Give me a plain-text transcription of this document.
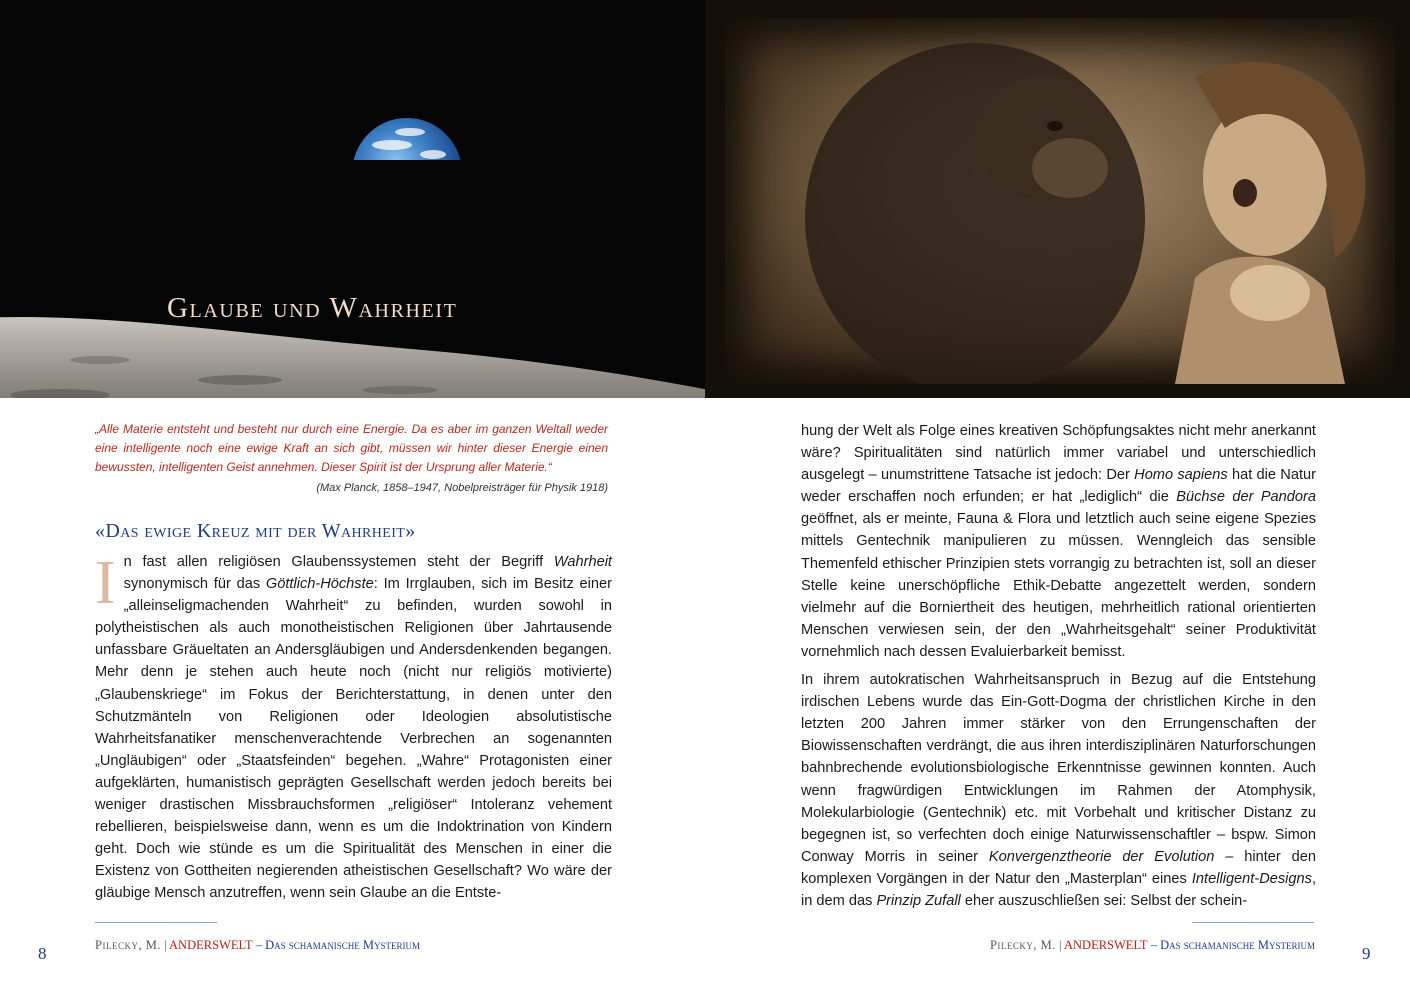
Glaube und Wahrheit

„Alle Materie entsteht und besteht nur durch eine Energie. Da es aber im ganzen Weltall weder eine intelligente noch eine ewige Kraft an sich gibt, müssen wir hinter dieser Energie einen bewussten, intelligenten Geist annehmen. Dieser Spirit ist der Ursprung aller Materie.“

(Max Planck, 1858–1947, Nobelpreisträger für Physik 1918)

«Das ewige Kreuz mit der Wahrheit»

In fast allen religiösen Glaubenssystemen steht der Begriff Wahrheit synonymisch für das Göttlich-Höchste: Im Irrglauben, sich im Besitz einer „alleinseligmachenden Wahrheit“ zu befinden, wurden sowohl in polytheistischen als auch monotheistischen Religionen über Jahrtausende unfassbare Gräueltaten an Andersgläubigen und Andersdenkenden begangen. Mehr denn je stehen auch heute noch (nicht nur religiös motivierte) „Glaubenskriege“ im Fokus der Berichterstattung, in denen unter den Schutzmänteln von Religionen oder Ideologien absolutistische Wahrheitsfanatiker menschenverachtende Verbrechen an sogenannten „Ungläubigen“ oder „Staatsfeinden“ begehen. „Wahre“ Protagonisten einer aufgeklärten, humanistisch geprägten Gesellschaft werden jedoch bereits bei weniger drastischen Missbrauchsformen „religiöser“ Intoleranz vehement rebellieren, beispielsweise dann, wenn es um die Indoktrination von Kindern geht. Doch wie stünde es um die Spiritualität des Menschen in einer die Existenz von Gottheiten negierenden atheistischen Gesellschaft? Wo wäre der gläubige Mensch anzutreffen, wenn sein Glaube an die Entste-

hung der Welt als Folge eines kreativen Schöpfungsaktes nicht mehr anerkannt wäre? Spiritualitäten sind natürlich immer variabel und unterschiedlich ausgelegt – unumstrittene Tatsache ist jedoch: Der Homo sapiens hat die Natur weder erschaffen noch erfunden; er hat „lediglich“ die Büchse der Pandora geöffnet, als er meinte, Fauna & Flora und letztlich auch seine eigene Spezies mittels Gentechnik manipulieren zu müssen. Wenngleich das sensible Themenfeld ethischer Prinzipien stets vorrangig zu betrachten ist, soll an dieser Stelle keine unerschöpfliche Ethik-Debatte angezettelt werden, sondern vielmehr auf die Borniertheit des heutigen, mehrheitlich rational orientierten Menschen verwiesen sein, der den „Wahrheitsgehalt“ seiner Produktivität vornehmlich nach dessen Evaluierbarkeit bemisst.

In ihrem autokratischen Wahrheitsanspruch in Bezug auf die Entstehung irdischen Lebens wurde das Ein-Gott-Dogma der christlichen Kirche in den letzten 200 Jahren immer stärker von den Errungenschaften der Biowissenschaften verdrängt, die aus ihren interdisziplinären Naturforschungen bahnbrechende evolutionsbiologische Erkenntnisse gewinnen konnten. Auch wenn fragwürdigen Entwicklungen im Rahmen der Atomphysik, Molekularbiologie (Gentechnik) etc. mit Vorbehalt und kritischer Distanz zu begegnen ist, so verfechten doch einige Naturwissenschaftler – bspw. Simon Conway Morris in seiner Konvergenztheorie der Evolution – hinter den komplexen Vorgängen in der Natur den „Masterplan“ eines Intelligent-Designs, in dem das Prinzip Zufall eher auszuschließen sei: Selbst der schein-

Pilecky, M. | ANDERSWELT – Das schamanische Mysterium
8	Pilecky, M. | ANDERSWELT – Das schamanische Mysterium	9
